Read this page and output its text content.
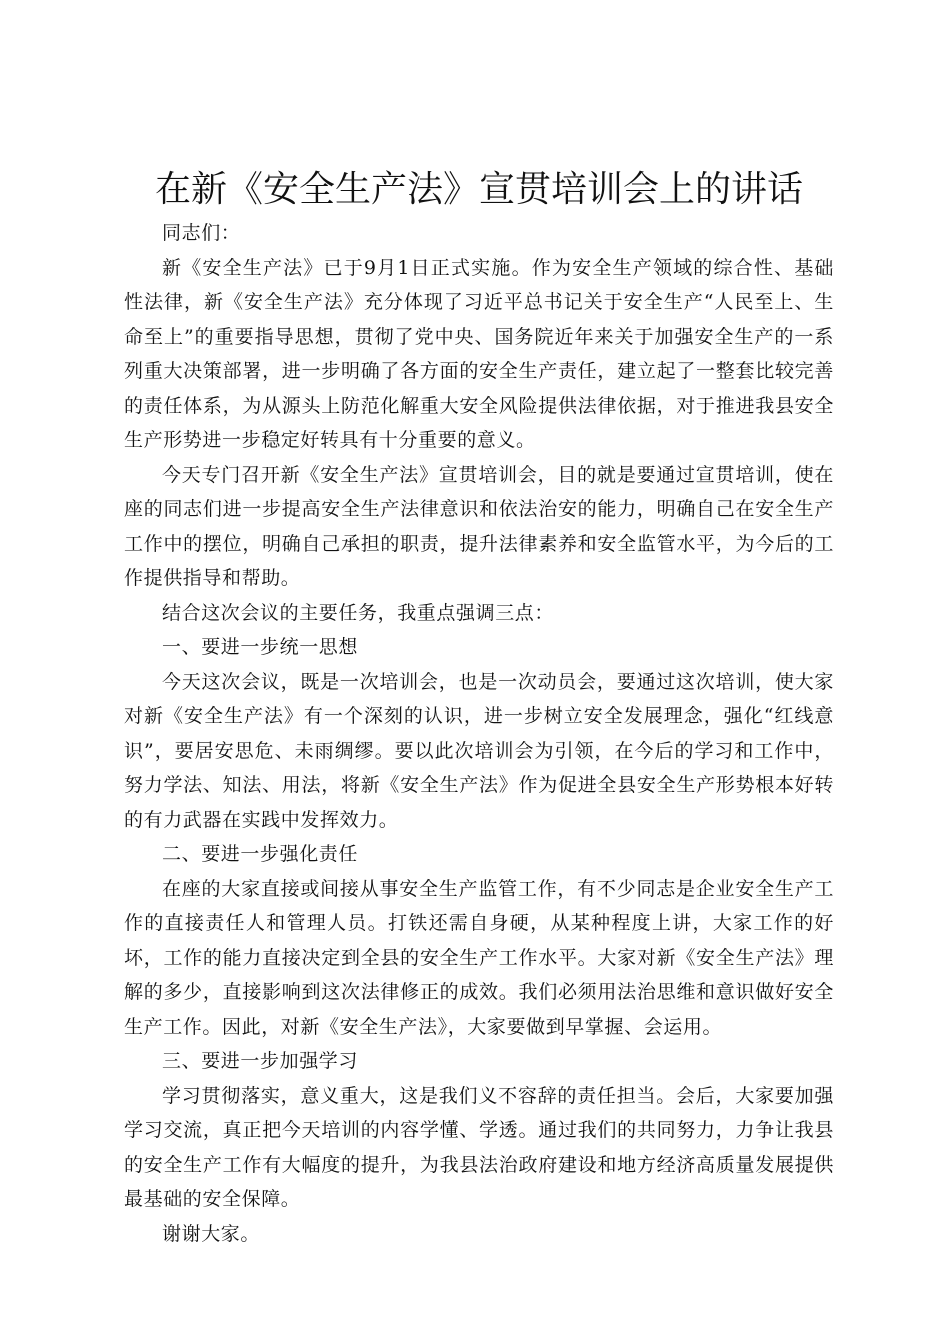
在新《安全生产法》宣贯培训会上的讲话

同志们：

新《安全生产法》已于9月1日正式实施。作为安全生产领域的综合性、基础性法律，新《安全生产法》充分体现了习近平总书记关于安全生产“人民至上、生命至上”的重要指导思想，贯彻了党中央、国务院近年来关于加强安全生产的一系列重大决策部署，进一步明确了各方面的安全生产责任，建立起了一整套比较完善的责任体系，为从源头上防范化解重大安全风险提供法律依据，对于推进我县安全生产形势进一步稳定好转具有十分重要的意义。

今天专门召开新《安全生产法》宣贯培训会，目的就是要通过宣贯培训，使在座的同志们进一步提高安全生产法律意识和依法治安的能力，明确自己在安全生产工作中的摆位，明确自己承担的职责，提升法律素养和安全监管水平，为今后的工作提供指导和帮助。

结合这次会议的主要任务，我重点强调三点：

一、要进一步统一思想

今天这次会议，既是一次培训会，也是一次动员会，要通过这次培训，使大家对新《安全生产法》有一个深刻的认识，进一步树立安全发展理念，强化“红线意识”，要居安思危、未雨绸缪。要以此次培训会为引领，在今后的学习和工作中，努力学法、知法、用法，将新《安全生产法》作为促进全县安全生产形势根本好转的有力武器在实践中发挥效力。

二、要进一步强化责任

在座的大家直接或间接从事安全生产监管工作，有不少同志是企业安全生产工作的直接责任人和管理人员。打铁还需自身硬，从某种程度上讲，大家工作的好坏，工作的能力直接决定到全县的安全生产工作水平。大家对新《安全生产法》理解的多少，直接影响到这次法律修正的成效。我们必须用法治思维和意识做好安全生产工作。因此，对新《安全生产法》，大家要做到早掌握、会运用。

三、要进一步加强学习

学习贯彻落实，意义重大，这是我们义不容辞的责任担当。会后，大家要加强学习交流，真正把今天培训的内容学懂、学透。通过我们的共同努力，力争让我县的安全生产工作有大幅度的提升，为我县法治政府建设和地方经济高质量发展提供最基础的安全保障。

谢谢大家。
